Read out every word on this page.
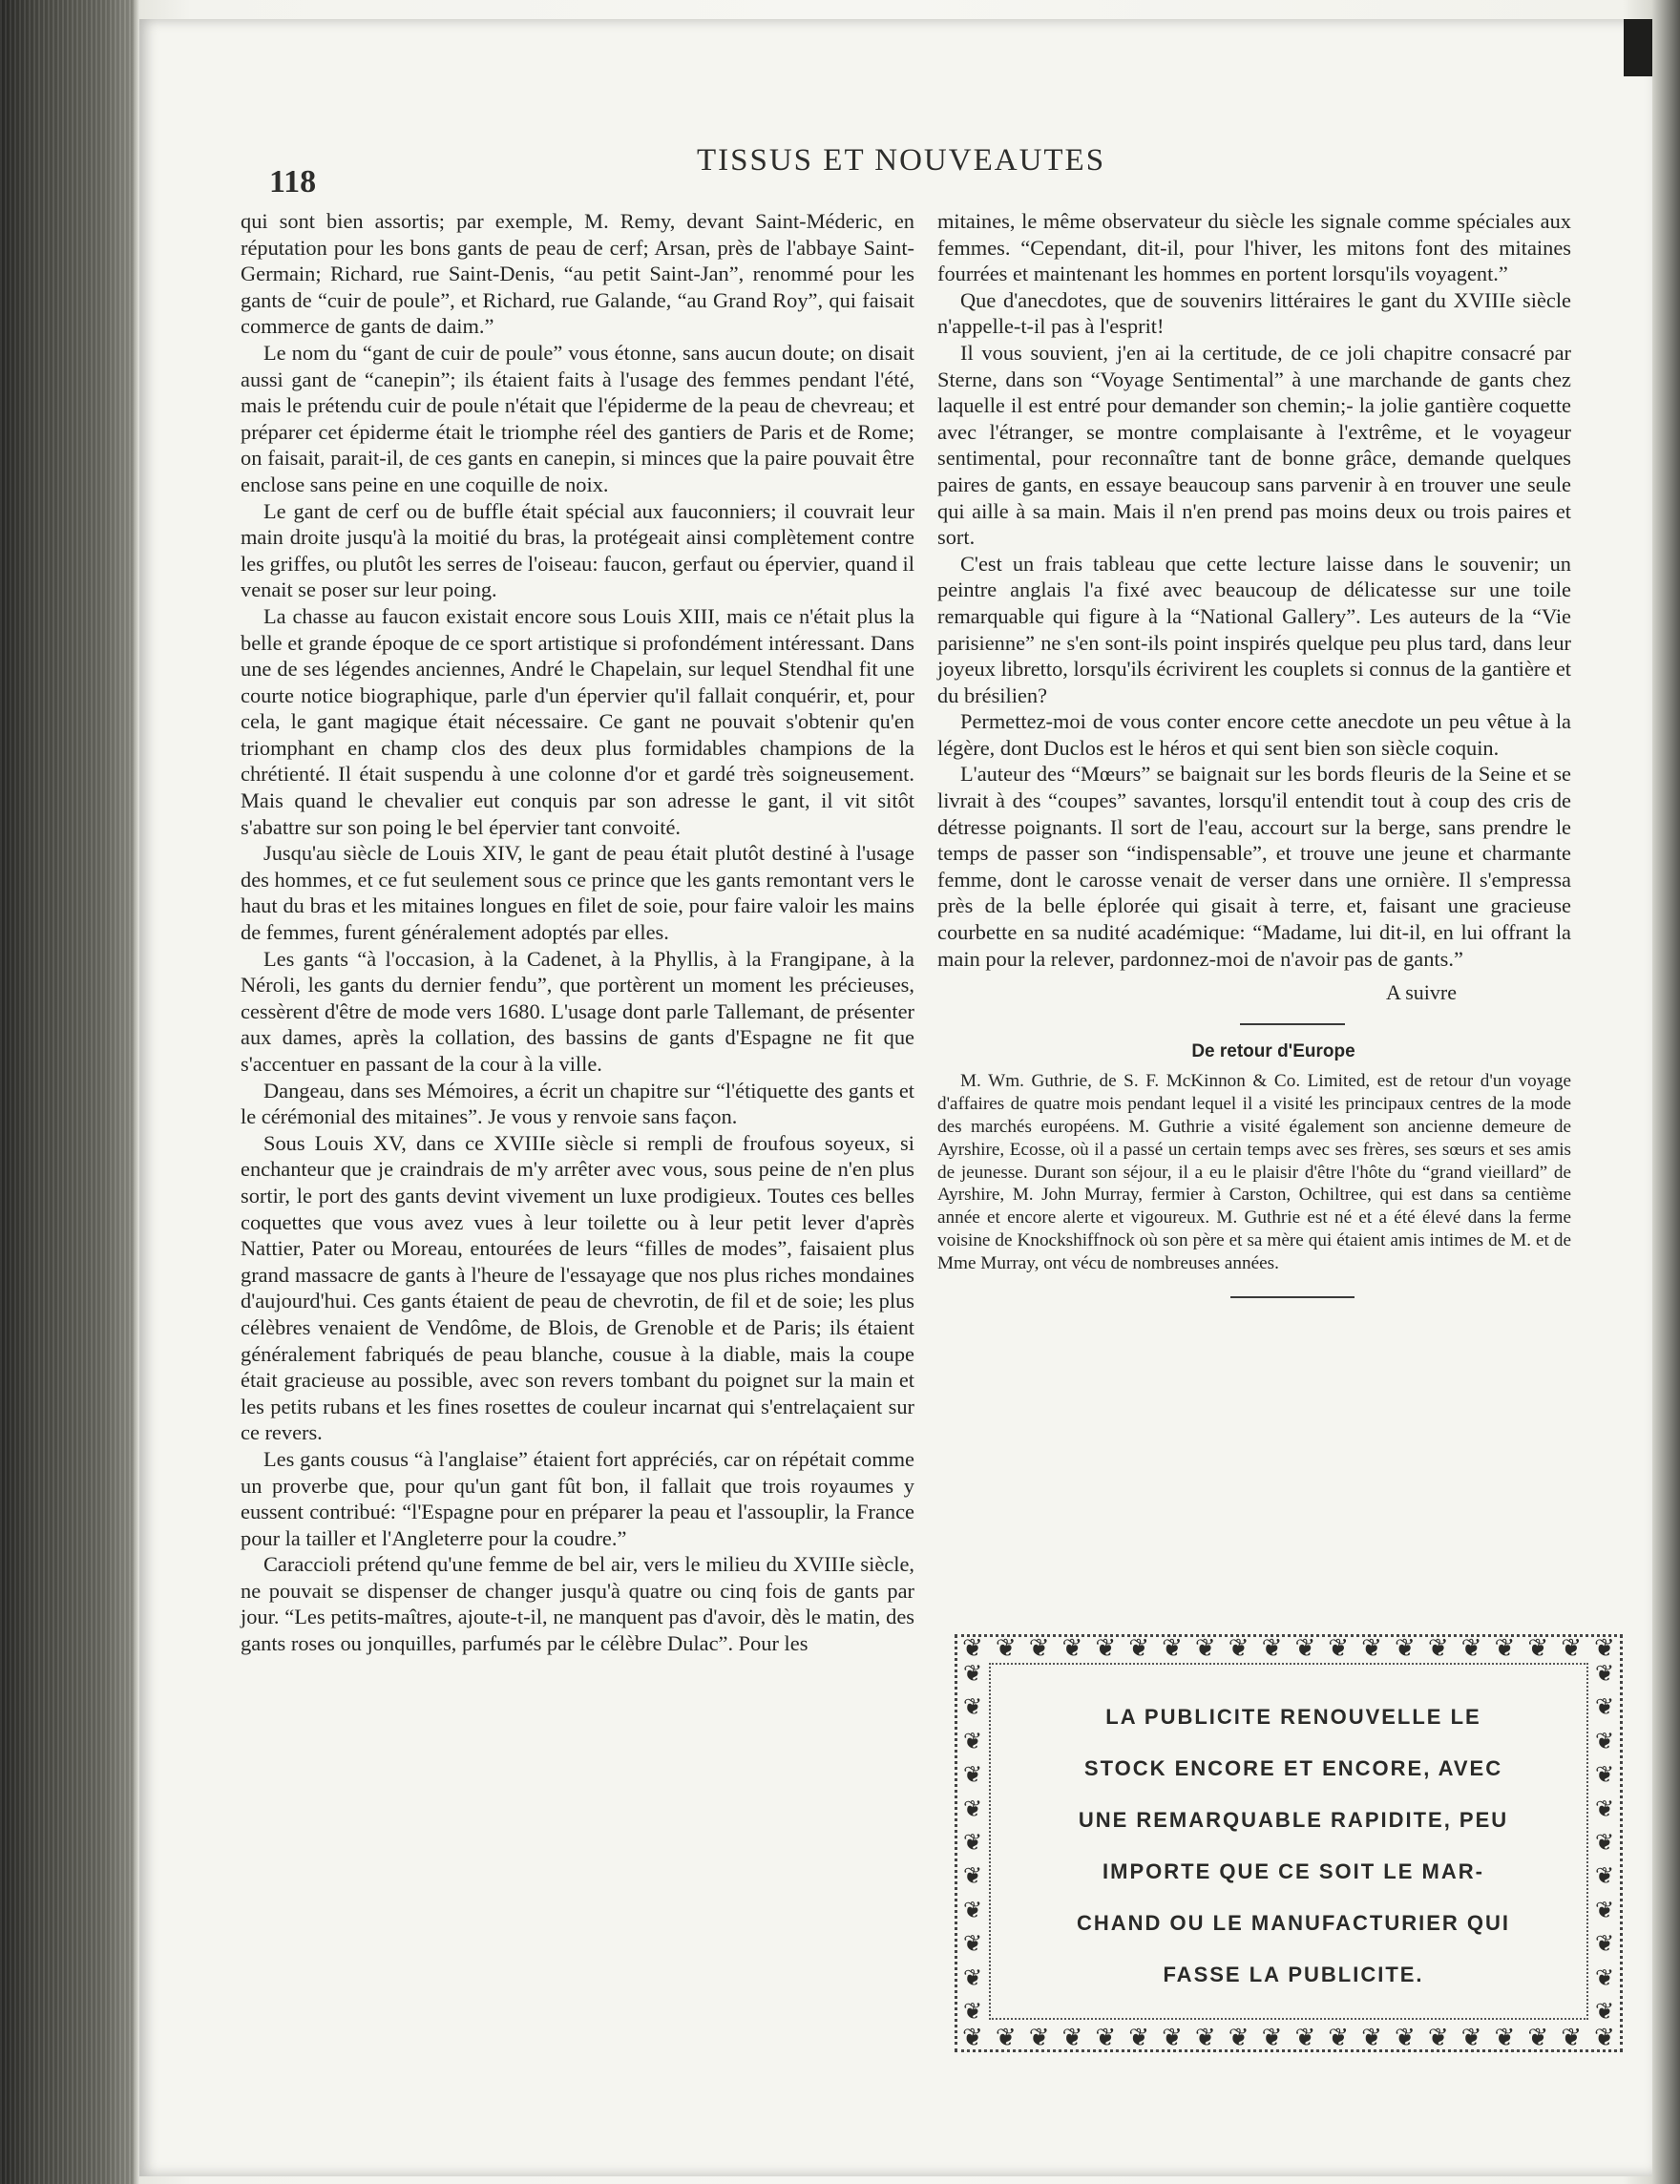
118
TISSUS ET NOUVEAUTES

qui sont bien assortis; par exemple, M. Remy, devant Saint-Méderic, en réputation pour les bons gants de peau de cerf; Arsan, près de l'abbaye Saint-Germain; Richard, rue Saint-Denis, “au petit Saint-Jan”, renommé pour les gants de “cuir de poule”, et Richard, rue Galande, “au Grand Roy”, qui faisait commerce de gants de daim.”

Le nom du “gant de cuir de poule” vous étonne, sans aucun doute; on disait aussi gant de “canepin”; ils étaient faits à l'usage des femmes pendant l'été, mais le prétendu cuir de poule n'était que l'épiderme de la peau de chevreau; et préparer cet épiderme était le triomphe réel des gantiers de Paris et de Rome; on faisait, parait-il, de ces gants en canepin, si minces que la paire pouvait être enclose sans peine en une coquille de noix.

Le gant de cerf ou de buffle était spécial aux fauconniers; il couvrait leur main droite jusqu'à la moitié du bras, la protégeait ainsi complètement contre les griffes, ou plutôt les serres de l'oiseau: faucon, gerfaut ou épervier, quand il venait se poser sur leur poing.

La chasse au faucon existait encore sous Louis XIII, mais ce n'était plus la belle et grande époque de ce sport artistique si profondément intéressant. Dans une de ses légendes anciennes, André le Chapelain, sur lequel Stendhal fit une courte notice biographique, parle d'un épervier qu'il fallait conquérir, et, pour cela, le gant magique était nécessaire. Ce gant ne pouvait s'obtenir qu'en triomphant en champ clos des deux plus formidables champions de la chrétienté. Il était suspendu à une colonne d'or et gardé très soigneusement. Mais quand le chevalier eut conquis par son adresse le gant, il vit sitôt s'abattre sur son poing le bel épervier tant convoité.

Jusqu'au siècle de Louis XIV, le gant de peau était plutôt destiné à l'usage des hommes, et ce fut seulement sous ce prince que les gants remontant vers le haut du bras et les mitaines longues en filet de soie, pour faire valoir les mains de femmes, furent généralement adoptés par elles.

Les gants “à l'occasion, à la Cadenet, à la Phyllis, à la Frangipane, à la Néroli, les gants du dernier fendu”, que portèrent un moment les précieuses, cessèrent d'être de mode vers 1680. L'usage dont parle Tallemant, de présenter aux dames, après la collation, des bassins de gants d'Espagne ne fit que s'accentuer en passant de la cour à la ville.

Dangeau, dans ses Mémoires, a écrit un chapitre sur “l'étiquette des gants et le cérémonial des mitaines”. Je vous y renvoie sans façon.

Sous Louis XV, dans ce XVIIIe siècle si rempli de froufous soyeux, si enchanteur que je craindrais de m'y arrêter avec vous, sous peine de n'en plus sortir, le port des gants devint vivement un luxe prodigieux. Toutes ces belles coquettes que vous avez vues à leur toilette ou à leur petit lever d'après Nattier, Pater ou Moreau, entourées de leurs “filles de modes”, faisaient plus grand massacre de gants à l'heure de l'essayage que nos plus riches mondaines d'aujourd'hui. Ces gants étaient de peau de chevrotin, de fil et de soie; les plus célèbres venaient de Vendôme, de Blois, de Grenoble et de Paris; ils étaient généralement fabriqués de peau blanche, cousue à la diable, mais la coupe était gracieuse au possible, avec son revers tombant du poignet sur la main et les petits rubans et les fines rosettes de couleur incarnat qui s'entrelaçaient sur ce revers.

Les gants cousus “à l'anglaise” étaient fort appréciés, car on répétait comme un proverbe que, pour qu'un gant fût bon, il fallait que trois royaumes y eussent contribué: “l'Espagne pour en préparer la peau et l'assouplir, la France pour la tailler et l'Angleterre pour la coudre.”

Caraccioli prétend qu'une femme de bel air, vers le milieu du XVIIIe siècle, ne pouvait se dispenser de changer jusqu'à quatre ou cinq fois de gants par jour. “Les petits-maîtres, ajoute-t-il, ne manquent pas d'avoir, dès le matin, des gants roses ou jonquilles, parfumés par le célèbre Dulac”. Pour les

mitaines, le même observateur du siècle les signale comme spéciales aux femmes. “Cependant, dit-il, pour l'hiver, les mitons font des mitaines fourrées et maintenant les hommes en portent lorsqu'ils voyagent.”

Que d'anecdotes, que de souvenirs littéraires le gant du XVIIIe siècle n'appelle-t-il pas à l'esprit!

Il vous souvient, j'en ai la certitude, de ce joli chapitre consacré par Sterne, dans son “Voyage Sentimental” à une marchande de gants chez laquelle il est entré pour demander son chemin;- la jolie gantière coquette avec l'étranger, se montre complaisante à l'extrême, et le voyageur sentimental, pour reconnaître tant de bonne grâce, demande quelques paires de gants, en essaye beaucoup sans parvenir à en trouver une seule qui aille à sa main. Mais il n'en prend pas moins deux ou trois paires et sort.

C'est un frais tableau que cette lecture laisse dans le souvenir; un peintre anglais l'a fixé avec beaucoup de délicatesse sur une toile remarquable qui figure à la “National Gallery”. Les auteurs de la “Vie parisienne” ne s'en sont-ils point inspirés quelque peu plus tard, dans leur joyeux libretto, lorsqu'ils écrivirent les couplets si connus de la gantière et du brésilien?

Permettez-moi de vous conter encore cette anecdote un peu vêtue à la légère, dont Duclos est le héros et qui sent bien son siècle coquin.

L'auteur des “Mœurs” se baignait sur les bords fleuris de la Seine et se livrait à des “coupes” savantes, lorsqu'il entendit tout à coup des cris de détresse poignants. Il sort de l'eau, accourt sur la berge, sans prendre le temps de passer son “indispensable”, et trouve une jeune et charmante femme, dont le carosse venait de verser dans une ornière. Il s'empressa près de la belle éplorée qui gisait à terre, et, faisant une gracieuse courbette en sa nudité académique: “Madame, lui dit-il, en lui offrant la main pour la relever, pardonnez-moi de n'avoir pas de gants.”

A suivre
De retour d'Europe

M. Wm. Guthrie, de S. F. McKinnon & Co. Limited, est de retour d'un voyage d'affaires de quatre mois pendant lequel il a visité les principaux centres de la mode des marchés européens. M. Guthrie a visité également son ancienne demeure de Ayrshire, Ecosse, où il a passé un certain temps avec ses frères, ses sœurs et ses amis de jeunesse. Durant son séjour, il a eu le plaisir d'être l'hôte du “grand vieillard” de Ayrshire, M. John Murray, fermier à Carston, Ochiltree, qui est dans sa centième année et encore alerte et vigoureux. M. Guthrie est né et a été élevé dans la ferme voisine de Knockshiffnock où son père et sa mère qui étaient amis intimes de M. et de Mme Murray, ont vécu de nombreuses années.

❦ ❦ ❦ ❦ ❦ ❦ ❦ ❦ ❦ ❦ ❦ ❦ ❦ ❦ ❦ ❦ ❦ ❦ ❦ ❦
❦ ❦ ❦ ❦ ❦ ❦ ❦ ❦ ❦ ❦ ❦ ❦ ❦ ❦ ❦ ❦ ❦ ❦ ❦ ❦
❦
❦
❦
❦
❦
❦
❦
❦
❦
❦
❦
❦
❦
❦
❦
❦
❦
❦
❦
❦
❦
❦
LA PUBLICITE RENOUVELLE LE
STOCK ENCORE ET ENCORE, AVEC
UNE REMARQUABLE RAPIDITE, PEU
IMPORTE QUE CE SOIT LE MAR-
CHAND OU LE MANUFACTURIER QUI
FASSE LA PUBLICITE.
